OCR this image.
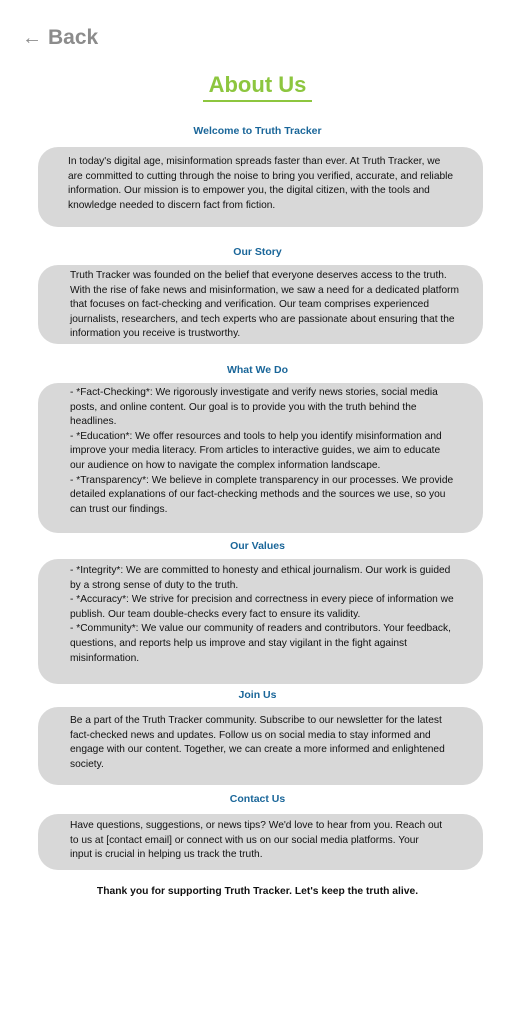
← Back
About Us
Welcome to Truth Tracker

In today's digital age, misinformation spreads faster than ever. At Truth Tracker, we are committed to cutting through the noise to bring you verified, accurate, and reliable information. Our mission is to empower you, the digital citizen, with the tools and knowledge needed to discern fact from fiction.

Our Story

Truth Tracker was founded on the belief that everyone deserves access to the truth. With the rise of fake news and misinformation, we saw a need for a dedicated platform that focuses on fact-checking and verification. Our team comprises experienced journalists, researchers, and tech experts who are passionate about ensuring that the information you receive is trustworthy.

What We Do

- *Fact-Checking*: We rigorously investigate and verify news stories, social media posts, and online content. Our goal is to provide you with the truth behind the headlines.

- *Education*: We offer resources and tools to help you identify misinformation and improve your media literacy. From articles to interactive guides, we aim to educate our audience on how to navigate the complex information landscape.

- *Transparency*: We believe in complete transparency in our processes. We provide detailed explanations of our fact-checking methods and the sources we use, so you can trust our findings.

Our Values

- *Integrity*: We are committed to honesty and ethical journalism. Our work is guided by a strong sense of duty to the truth.

- *Accuracy*: We strive for precision and correctness in every piece of information we publish. Our team double-checks every fact to ensure its validity.

- *Community*: We value our community of readers and contributors. Your feedback, questions, and reports help us improve and stay vigilant in the fight against misinformation.

Join Us

Be a part of the Truth Tracker community. Subscribe to our newsletter for the latest fact-checked news and updates. Follow us on social media to stay informed and engage with our content. Together, we can create a more informed and enlightened society.

Contact Us

Have questions, suggestions, or news tips? We'd love to hear from you. Reach out to us at [contact email] or connect with us on our social media platforms. Your input is crucial in helping us track the truth.

Thank you for supporting Truth Tracker. Let's keep the truth alive.
